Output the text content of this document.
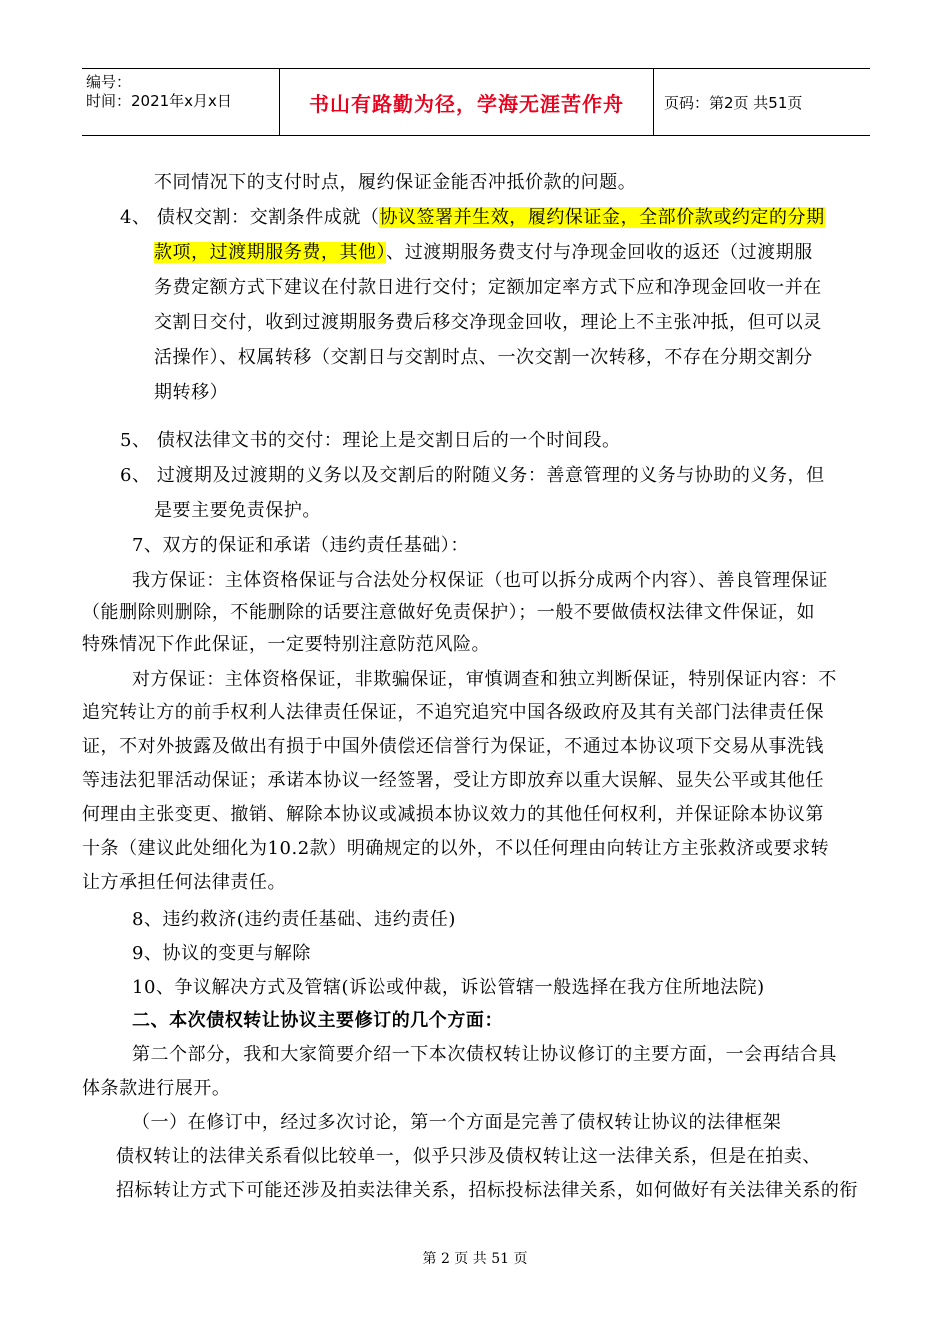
编号：
时间：2021年x月x日	书山有路勤为径，学海无涯苦作舟	页码：第2页 共51页
不同情况下的支付时点，履约保证金能否冲抵价款的问题。
4、 债权交割：交割条件成就（协议签署并生效，履约保证金，全部价款或约定的分期
款项，过渡期服务费，其他）、过渡期服务费支付与净现金回收的返还（过渡期服
务费定额方式下建议在付款日进行交付；定额加定率方式下应和净现金回收一并在
交割日交付，收到过渡期服务费后移交净现金回收，理论上不主张冲抵，但可以灵
活操作）、权属转移（交割日与交割时点、一次交割一次转移，不存在分期交割分
期转移）
5、 债权法律文书的交付：理论上是交割日后的一个时间段。
6、 过渡期及过渡期的义务以及交割后的附随义务：善意管理的义务与协助的义务，但
是要主要免责保护。
7、双方的保证和承诺（违约责任基础）：
我方保证：主体资格保证与合法处分权保证（也可以拆分成两个内容）、善良管理保证
（能删除则删除，不能删除的话要注意做好免责保护）；一般不要做债权法律文件保证，如
特殊情况下作此保证，一定要特别注意防范风险。
对方保证：主体资格保证，非欺骗保证，审慎调查和独立判断保证，特别保证内容：不
追究转让方的前手权利人法律责任保证，不追究追究中国各级政府及其有关部门法律责任保
证，不对外披露及做出有损于中国外债偿还信誉行为保证，不通过本协议项下交易从事洗钱
等违法犯罪活动保证；承诺本协议一经签署，受让方即放弃以重大误解、显失公平或其他任
何理由主张变更、撤销、解除本协议或减损本协议效力的其他任何权利，并保证除本协议第
十条（建议此处细化为10.2款）明确规定的以外，不以任何理由向转让方主张救济或要求转
让方承担任何法律责任。
8、违约救济(违约责任基础、违约责任)
9、协议的变更与解除
10、争议解决方式及管辖(诉讼或仲裁，诉讼管辖一般选择在我方住所地法院)
二、本次债权转让协议主要修订的几个方面：
第二个部分，我和大家简要介绍一下本次债权转让协议修订的主要方面，一会再结合具
体条款进行展开。
（一）在修订中，经过多次讨论，第一个方面是完善了债权转让协议的法律框架
债权转让的法律关系看似比较单一，似乎只涉及债权转让这一法律关系，但是在拍卖、
招标转让方式下可能还涉及拍卖法律关系，招标投标法律关系，如何做好有关法律关系的衔
第 2 页 共 51 页
